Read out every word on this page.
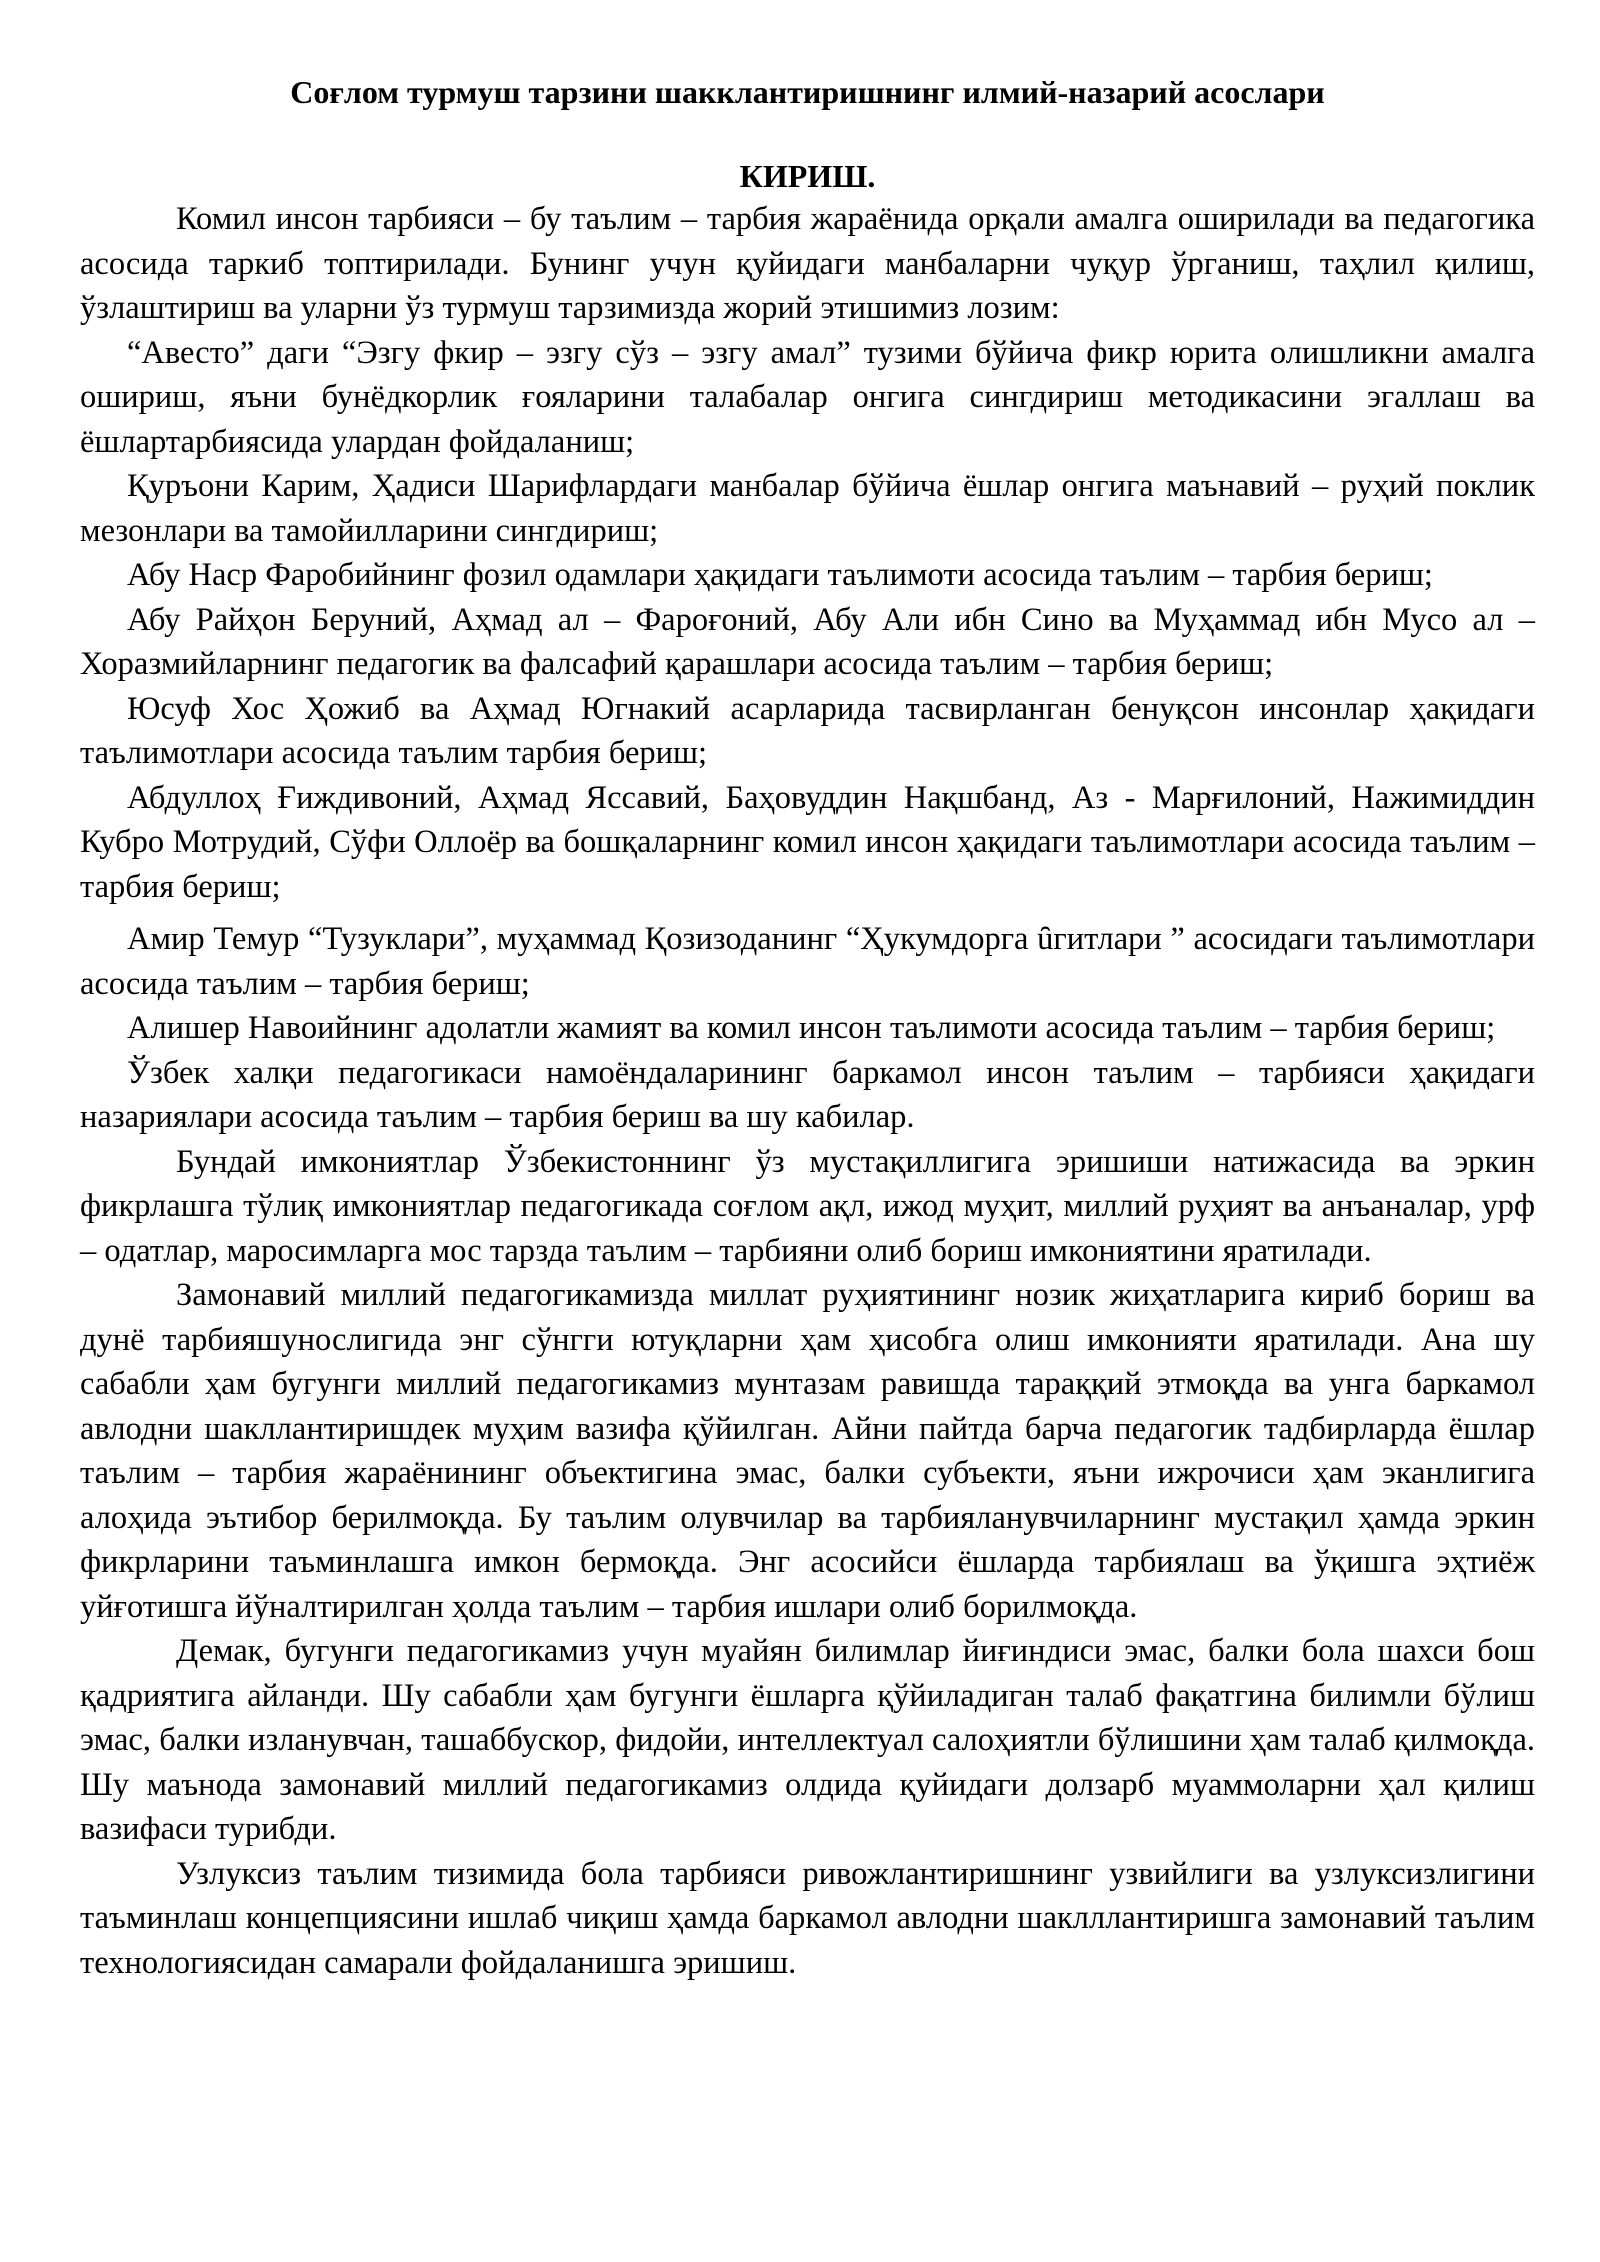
Соғлом турмуш тарзини шакклантиришнинг илмий-назарий асослари
КИРИШ.

Комил инсон тарбияси – бу таълим – тарбия жараёнида орқали амалга оширилади ва педагогика асосида таркиб топтирилади. Бунинг учун қуйидаги манбаларни чуқур ўрганиш, таҳлил қилиш, ўзлаштириш ва уларни ўз турмуш тарзимизда жорий этишимиз лозим:

“Авесто” даги “Эзгу фкир – эзгу сўз – эзгу амал” тузими бўйича фикр юрита олишликни амалга ошириш, яъни бунёдкорлик ғояларини талабалар онгига сингдириш методикасини эгаллаш ва ёшлартарбиясида улардан фойдаланиш;

Қуръони Карим, Ҳадиси Шарифлардаги манбалар бўйича ёшлар онгига маънавий – руҳий поклик мезонлари ва тамойилларини сингдириш;

Абу Наср Фаробийнинг фозил одамлари ҳақидаги таълимоти асосида таълим – тарбия бериш;

Абу Райҳон Беруний, Аҳмад ал – Фароғоний, Абу Али ибн Сино ва Муҳаммад ибн Мусо ал – Хоразмийларнинг педагогик ва фалсафий қарашлари асосида таълим – тарбия бериш;

Юсуф Хос Ҳожиб ва Аҳмад Югнакий асарларида тасвирланган бенуқсон инсонлар ҳақидаги таълимотлари асосида таълим тарбия бериш;

Абдуллоҳ Ғиждивоний, Аҳмад Яссавий, Баҳовуддин Нақшбанд, Аз - Марғилоний, Нажимиддин Кубро Мотрудий, Сўфи Оллоёр ва бошқаларнинг комил инсон ҳақидаги таълимотлари асосида таълим – тарбия бериш;

Амир Темур “Тузуклари”, муҳаммад Қозизоданинг “Ҳукумдорга ȗгитлари ” асосидаги таълимотлари асосида таълим – тарбия бериш;

Алишер Навоийнинг адолатли жамият ва комил инсон таълимоти асосида таълим – тарбия бериш;

Ўзбек халқи педагогикаси намоёндаларининг баркамол инсон таълим – тарбияси ҳақидаги назариялари асосида таълим – тарбия бериш ва шу кабилар.

Бундай имкониятлар Ўзбекистоннинг ўз мустақиллигига эришиши натижасида ва эркин фикрлашга тўлиқ имкониятлар педагогикада соғлом ақл, ижод муҳит, миллий руҳият ва анъаналар, урф – одатлар, маросимларга мос тарзда таълим – тарбияни олиб бориш имкониятини яратилади.

Замонавий миллий педагогикамизда миллат руҳиятининг нозик жиҳатларига кириб бориш ва дунё тарбияшунослигида энг сўнгги ютуқларни ҳам ҳисобга олиш имконияти яратилади. Ана шу сабабли ҳам бугунги миллий педагогикамиз мунтазам равишда тараққий этмоқда ва унга баркамол авлодни шакллантиришдек муҳим вазифа қўйилган. Айни пайтда барча педагогик тадбирларда ёшлар таълим – тарбия жараёнининг объектигина эмас, балки субъекти, яъни ижрочиси ҳам эканлигига алоҳида эътибор берилмоқда. Бу таълим олувчилар ва тарбияланувчиларнинг мустақил ҳамда эркин фикрларини таъминлашга имкон бермоқда. Энг асосийси ёшларда тарбиялаш ва ўқишга эҳтиёж уйғотишга йўналтирилган ҳолда таълим – тарбия ишлари олиб борилмоқда.

Демак, бугунги педагогикамиз учун муайян билимлар йиғиндиси эмас, балки бола шахси бош қадриятига айланди. Шу сабабли ҳам бугунги ёшларга қўйиладиган талаб фақатгина билимли бўлиш эмас, балки изланувчан, ташаббускор, фидойи, интеллектуал салоҳиятли бўлишини ҳам талаб қилмоқда. Шу маънода замонавий миллий педагогикамиз олдида қуйидаги долзарб муаммоларни ҳал қилиш вазифаси турибди.

Узлуксиз таълим тизимида бола тарбияси ривожлантиришнинг узвийлиги ва узлуксизлигини таъминлаш концепциясини ишлаб чиқиш ҳамда баркамол авлодни шаклллантиришга замонавий таълим технологиясидан самарали фойдаланишга эришиш.
